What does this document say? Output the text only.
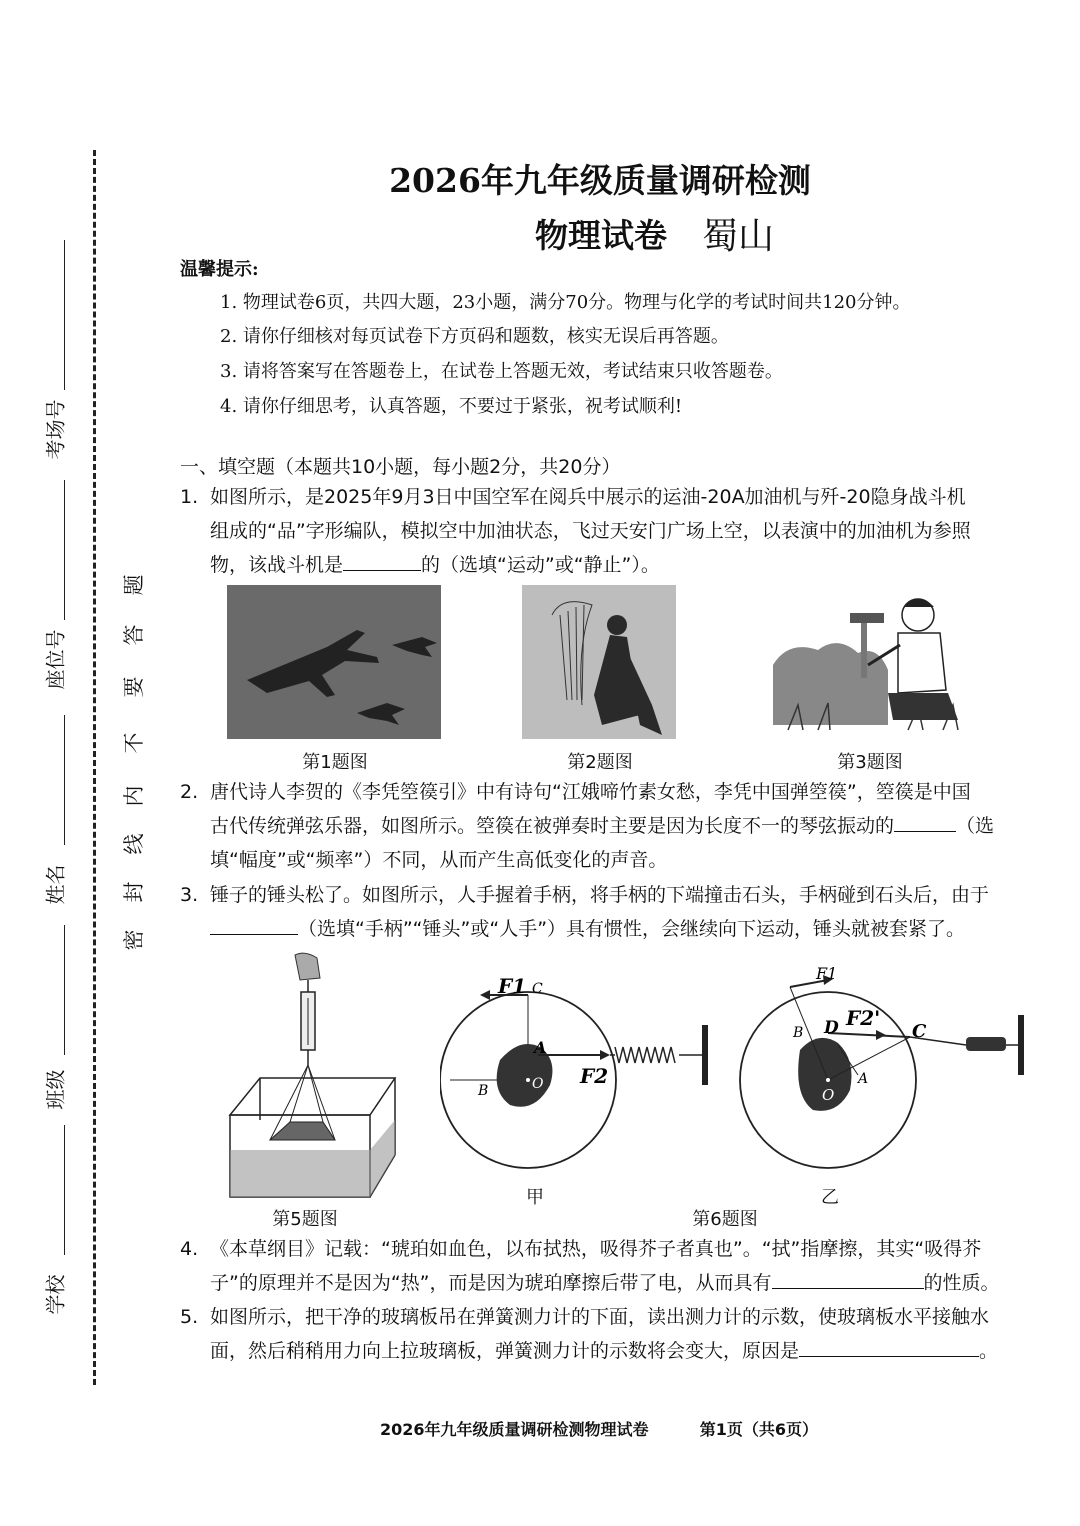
考场号
座位号
姓名
班级
学校
密
封
线
内
不
要
答
题
2026年九年级质量调研检测
物理试卷 蜀山
温馨提示:
1. 物理试卷6页，共四大题，23小题，满分70分。物理与化学的考试时间共120分钟。
2. 请你仔细核对每页试卷下方页码和题数，核实无误后再答题。
3. 请将答案写在答题卷上，在试卷上答题无效，考试结束只收答题卷。
4. 请你仔细思考，认真答题，不要过于紧张，祝考试顺利!
一、填空题（本题共10小题，每小题2分，共20分）
1. 如图所示，是2025年9月3日中国空军在阅兵中展示的运油-20A加油机与歼-20隐身战斗机
组成的“品”字形编队，模拟空中加油状态，飞过天安门广场上空，以表演中的加油机为参照
物，该战斗机是	的（选填“运动”或“静止”）。
第1题图	第2题图	第3题图
2. 唐代诗人李贺的《李凭箜篌引》中有诗句“江娥啼竹素女愁，李凭中国弹箜篌”，箜篌是中国
古代传统弹弦乐器，如图所示。箜篌在被弹奏时主要是因为长度不一的琴弦振动的	（选
填“幅度”或“频率”）不同，从而产生高低变化的声音。
3. 锤子的锤头松了。如图所示，人手握着手柄，将手柄的下端撞击石头，手柄碰到石头后，由于
（选填“手柄”“锤头”或“人手”）具有惯性，会继续向下运动，锤头就被套紧了。
第5题图
F1 C
A
F2
B	O
甲
F1
F2'
B D	C
A
O
乙
第6题图
4. 《本草纲目》记载：“琥珀如血色，以布拭热，吸得芥子者真也”。“拭”指摩擦，其实“吸得芥
子”的原理并不是因为“热”，而是因为琥珀摩擦后带了电，从而具有	的性质。
5. 如图所示，把干净的玻璃板吊在弹簧测力计的下面，读出测力计的示数，使玻璃板水平接触水
面，然后稍稍用力向上拉玻璃板，弹簧测力计的示数将会变大，原因是	。
2026年九年级质量调研检测物理试卷	第1页（共6页）
